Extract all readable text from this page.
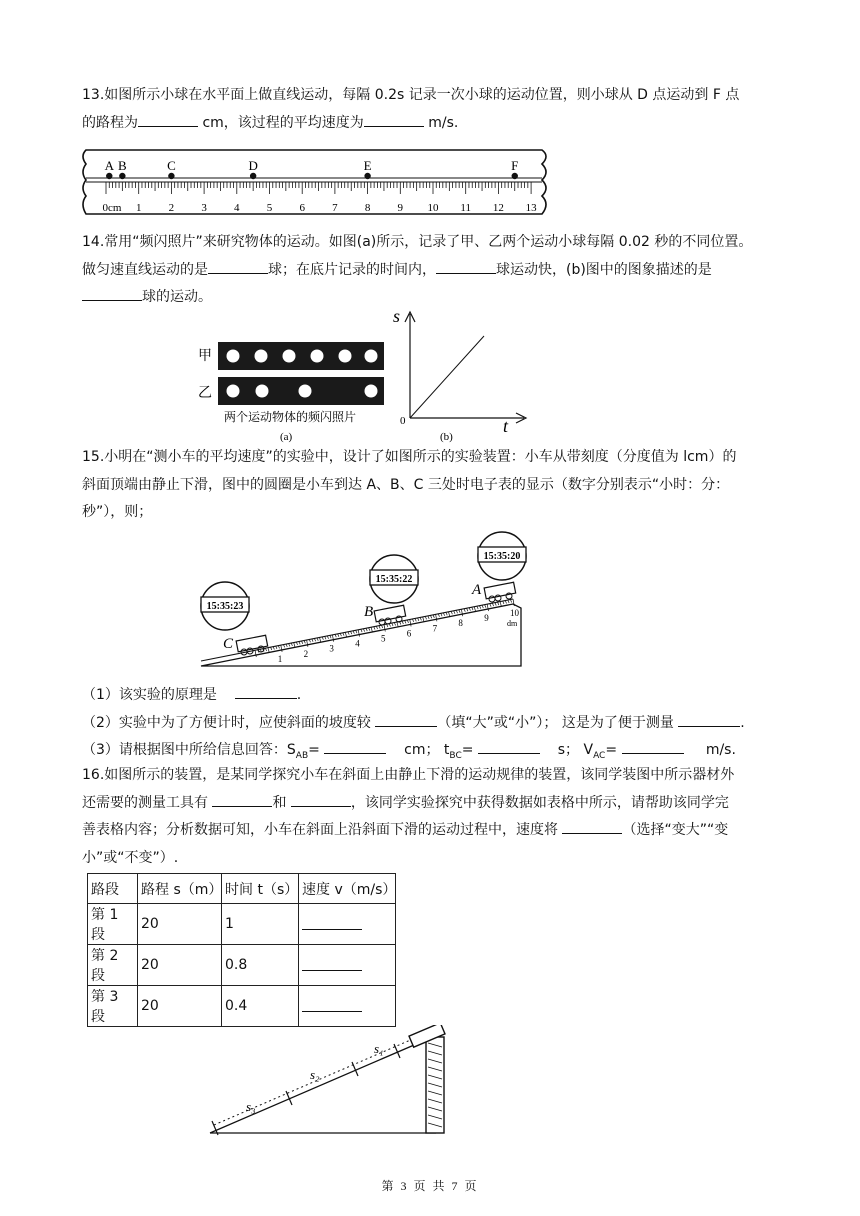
13.如图所示小球在水平面上做直线运动，每隔 0.2s 记录一次小球的运动位置，则小球从 D 点运动到 F 点
的路程为	cm，该过程的平均速度为	m/s.

0cm 1 2 3 4 5 6 7 8 9 10 11 12 13
A B	C	D	E	F

14.常用“频闪照片”来研究物体的运动。如图(a)所示，记录了甲、乙两个运动小球每隔 0.02 秒的不同位置。
做匀速直线运动的是	球；在底片记录的时间内，	球运动快，(b)图中的图象描述的是
球的运动。

甲
乙
两个运动物体的频闪照片
(a)
s
t
0
(b)

15.小明在“测小车的平均速度”的实验中，设计了如图所示的实验装置：小车从带刻度（分度值为 lcm）的
斜面顶端由静止下滑，图中的圆圈是小车到达 A、B、C 三处时电子表的显示（数字分别表示“小时：分：
秒”），则；

1
2
3
4
5
6
7
8
9
10
dm
C
B
A
15:35:23
15:35:22
15:35:20

（1）该实验的原理是	.
（2）实验中为了方便计时，应使斜面的坡度较	（填“大”或“小”）； 这是为了便于测量	.
（3）请根据图中所给信息回答：$S_{AB}=$	cm； $t_{BC}=$	s； $V_{AC}=$	m/s.

16.如图所示的装置，是某同学探究小车在斜面上由静止下滑的运动规律的装置，该同学装图中所示器材外
还需要的测量工具有	和	，该同学实验探究中获得数据如表格中所示，请帮助该同学完
善表格内容；分析数据可知，小车在斜面上沿斜面下滑的运动过程中，速度将	（选择“变大”“变
小”或“不变”）.

路段	路程 s（m）	时间 t（s）	速度 v（m/s）
第 1 段	20	1	
第 2 段	20	0.8	
第 3 段	20	0.4	
s₃
s₂
s₁
第 3 页 共 7 页
